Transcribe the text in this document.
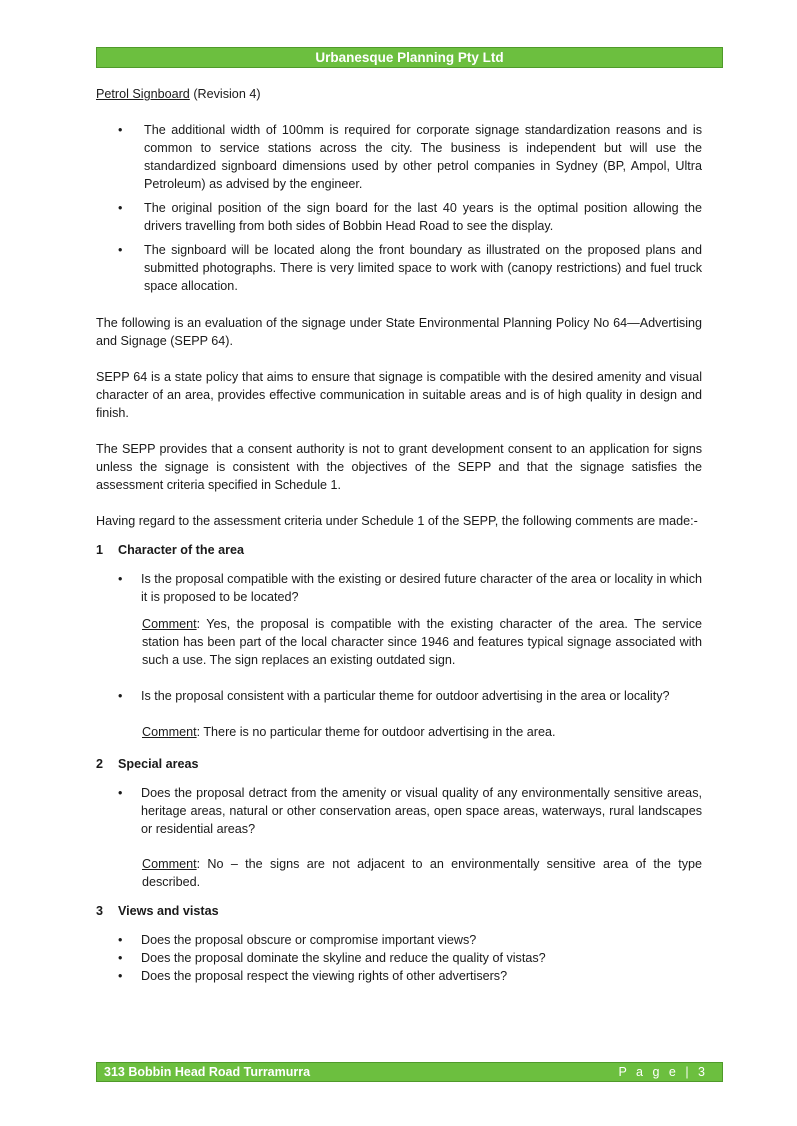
Urbanesque Planning Pty Ltd

Petrol Signboard (Revision 4)

• The additional width of 100mm is required for corporate signage standardization reasons and is common to service stations across the city. The business is independent but will use the standardized signboard dimensions used by other petrol companies in Sydney (BP, Ampol, Ultra Petroleum) as advised by the engineer.
• The original position of the sign board for the last 40 years is the optimal position allowing the drivers travelling from both sides of Bobbin Head Road to see the display.
• The signboard will be located along the front boundary as illustrated on the proposed plans and submitted photographs. There is very limited space to work with (canopy restrictions) and fuel truck space allocation.

The following is an evaluation of the signage under State Environmental Planning Policy No 64—Advertising and Signage (SEPP 64).

SEPP 64 is a state policy that aims to ensure that signage is compatible with the desired amenity and visual character of an area, provides effective communication in suitable areas and is of high quality in design and finish.

The SEPP provides that a consent authority is not to grant development consent to an application for signs unless the signage is consistent with the objectives of the SEPP and that the signage satisfies the assessment criteria specified in Schedule 1.

Having regard to the assessment criteria under Schedule 1 of the SEPP, the following comments are made:-

1 Character of the area

• Is the proposal compatible with the existing or desired future character of the area or locality in which it is proposed to be located?

Comment: Yes, the proposal is compatible with the existing character of the area. The service station has been part of the local character since 1946 and features typical signage associated with such a use. The sign replaces an existing outdated sign.

• Is the proposal consistent with a particular theme for outdoor advertising in the area or locality?

Comment: There is no particular theme for outdoor advertising in the area.

2 Special areas

• Does the proposal detract from the amenity or visual quality of any environmentally sensitive areas, heritage areas, natural or other conservation areas, open space areas, waterways, rural landscapes or residential areas?

Comment: No – the signs are not adjacent to an environmentally sensitive area of the type described.

3 Views and vistas

• Does the proposal obscure or compromise important views?
• Does the proposal dominate the skyline and reduce the quality of vistas?
• Does the proposal respect the viewing rights of other advertisers?
313 Bobbin Head Road Turramurra	P a g e | 3
